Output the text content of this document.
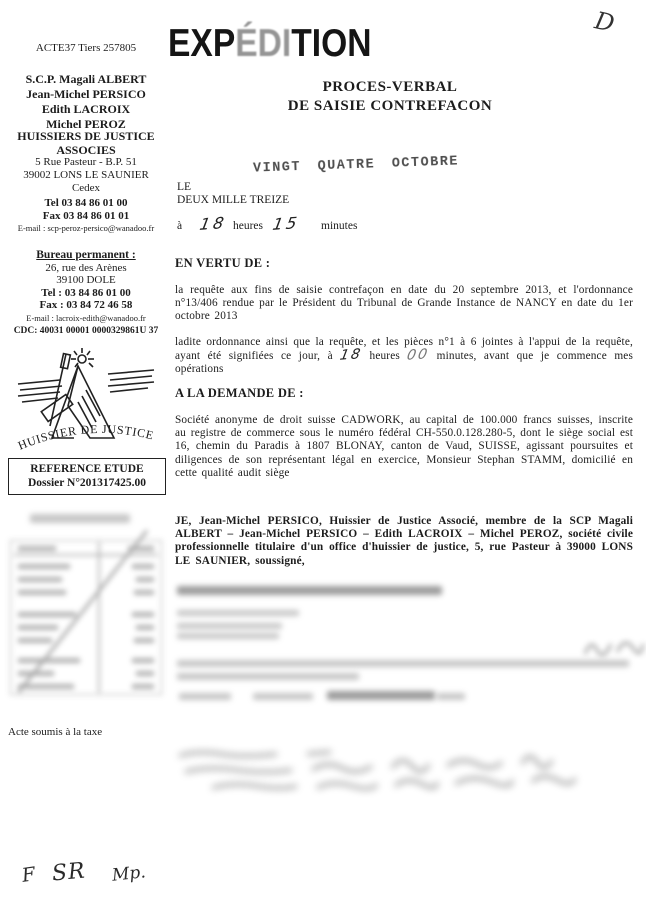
ACTE37 Tiers 257805
S.C.P. Magali ALBERT
Jean-Michel PERSICO
Edith LACROIX
Michel PEROZ
HUISSIERS DE JUSTICE
ASSOCIES
5 Rue Pasteur - B.P. 51
39002 LONS LE SAUNIER
Cedex
Tel 03 84 86 01 00
Fax 03 84 86 01 01
E-mail : scp-peroz-persico@wanadoo.fr
Bureau permanent :
26, rue des Arènes
39100 DOLE
Tel : 03 84 86 01 00
Fax : 03 84 72 46 58
E-mail : lacroix-edith@wanadoo.fr
CDC: 40031 00001 0000329861U 37
HUISSIER DE JUSTICE
REFERENCE ETUDE
Dossier N°201317425.00
Acte soumis à la taxe
F SR Mp.
EXPÉDITION	D
PROCES-VERBAL
DE SAISIE CONTREFACON
VINGT QUATRE OCTOBRE
LE
DEUX MILLE TREIZE
à 18 heures 15 minutes
EN VERTU DE :
la requête aux fins de saisie contrefaçon en date du 20 septembre 2013, et l'ordonnance n°13/406 rendue par le Président du Tribunal de Grande Instance de NANCY en date du 1er octobre 2013
ladite ordonnance ainsi que la requête, et les pièces n°1 à 6 jointes à l'appui de la requête, ayant été signifiées ce jour, à 18 heures 00 minutes, avant que je commence mes opérations
A LA DEMANDE DE :
Société anonyme de droit suisse CADWORK, au capital de 100.000 francs suisses, inscrite au registre de commerce sous le numéro fédéral CH-550.0.128.280-5, dont le siège social est 16, chemin du Paradis à 1807 BLONAY, canton de Vaud, SUISSE, agissant poursuites et diligences de son représentant légal en exercice, Monsieur Stephan STAMM, domicilié en cette qualité audit siège
JE, Jean-Michel PERSICO, Huissier de Justice Associé, membre de la SCP Magali ALBERT – Jean-Michel PERSICO – Edith LACROIX – Michel PEROZ, société civile professionnelle titulaire d'un office d'huissier de justice, 5, rue Pasteur à 39000 LONS LE SAUNIER, soussigné,
